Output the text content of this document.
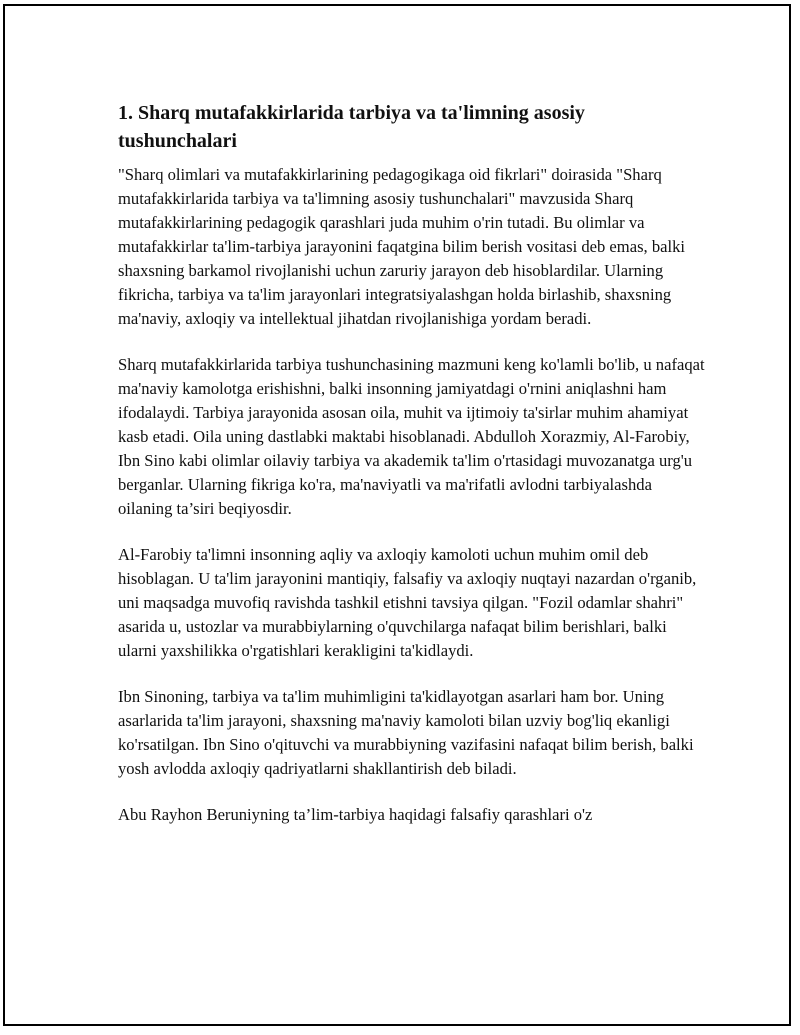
1. Sharq mutafakkirlarida tarbiya va ta'limning asosiy tushunchalari

"Sharq olimlari va mutafakkirlarining pedagogikaga oid fikrlari" doirasida "Sharq mutafakkirlarida tarbiya va ta'limning asosiy tushunchalari" mavzusida Sharq mutafakkirlarining pedagogik qarashlari juda muhim o'rin tutadi. Bu olimlar va mutafakkirlar ta'lim-tarbiya jarayonini faqatgina bilim berish vositasi deb emas, balki shaxsning barkamol rivojlanishi uchun zaruriy jarayon deb hisoblardilar. Ularning fikricha, tarbiya va ta'lim jarayonlari integratsiyalashgan holda birlashib, shaxsning ma'naviy, axloqiy va intellektual jihatdan rivojlanishiga yordam beradi.

Sharq mutafakkirlarida tarbiya tushunchasining mazmuni keng ko'lamli bo'lib, u nafaqat ma'naviy kamolotga erishishni, balki insonning jamiyatdagi o'rnini aniqlashni ham ifodalaydi. Tarbiya jarayonida asosan oila, muhit va ijtimoiy ta'sirlar muhim ahamiyat kasb etadi. Oila uning dastlabki maktabi hisoblanadi. Abdulloh Xorazmiy, Al-Farobiy, Ibn Sino kabi olimlar oilaviy tarbiya va akademik ta'lim o'rtasidagi muvozanatga urg'u berganlar. Ularning fikriga ko'ra, ma'naviyatli va ma'rifatli avlodni tarbiyalashda oilaning ta’siri beqiyosdir.

Al-Farobiy ta'limni insonning aqliy va axloqiy kamoloti uchun muhim omil deb hisoblagan. U ta'lim jarayonini mantiqiy, falsafiy va axloqiy nuqtayi nazardan o'rganib, uni maqsadga muvofiq ravishda tashkil etishni tavsiya qilgan. "Fozil odamlar shahri" asarida u, ustozlar va murabbiylarning o'quvchilarga nafaqat bilim berishlari, balki ularni yaxshilikka o'rgatishlari kerakligini ta'kidlaydi.

Ibn Sinoning, tarbiya va ta'lim muhimligini ta'kidlayotgan asarlari ham bor. Uning asarlarida ta'lim jarayoni, shaxsning ma'naviy kamoloti bilan uzviy bog'liq ekanligi ko'rsatilgan. Ibn Sino o'qituvchi va murabbiyning vazifasini nafaqat bilim berish, balki yosh avlodda axloqiy qadriyatlarni shakllantirish deb biladi.

Abu Rayhon Beruniyning ta’lim-tarbiya haqidagi falsafiy qarashlari o'z
